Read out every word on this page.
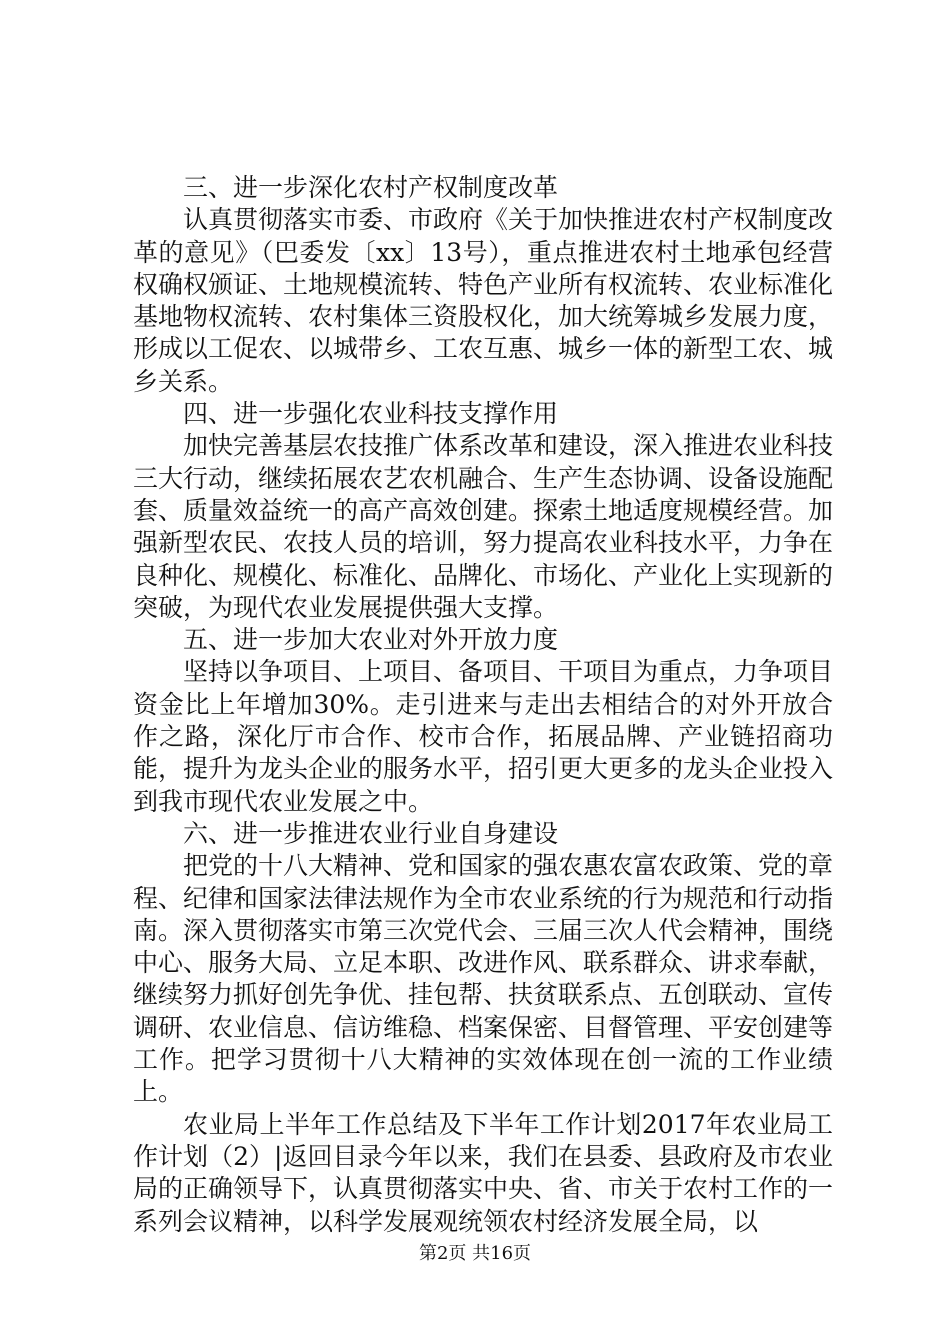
三、进一步深化农村产权制度改革

认真贯彻落实市委、市政府《关于加快推进农村产权制度改革的意见》（巴委发〔xx〕13号），重点推进农村土地承包经营权确权颁证、土地规模流转、特色产业所有权流转、农业标准化基地物权流转、农村集体三资股权化，加大统筹城乡发展力度，形成以工促农、以城带乡、工农互惠、城乡一体的新型工农、城乡关系。

四、进一步强化农业科技支撑作用

加快完善基层农技推广体系改革和建设，深入推进农业科技三大行动，继续拓展农艺农机融合、生产生态协调、设备设施配套、质量效益统一的高产高效创建。探索土地适度规模经营。加强新型农民、农技人员的培训，努力提高农业科技水平，力争在良种化、规模化、标准化、品牌化、市场化、产业化上实现新的突破，为现代农业发展提供强大支撑。

五、进一步加大农业对外开放力度

坚持以争项目、上项目、备项目、干项目为重点，力争项目资金比上年增加30%。走引进来与走出去相结合的对外开放合作之路，深化厅市合作、校市合作，拓展品牌、产业链招商功能，提升为龙头企业的服务水平，招引更大更多的龙头企业投入到我市现代农业发展之中。

六、进一步推进农业行业自身建设

把党的十八大精神、党和国家的强农惠农富农政策、党的章程、纪律和国家法律法规作为全市农业系统的行为规范和行动指南。深入贯彻落实市第三次党代会、三届三次人代会精神，围绕中心、服务大局、立足本职、改进作风、联系群众、讲求奉献，继续努力抓好创先争优、挂包帮、扶贫联系点、五创联动、宣传调研、农业信息、信访维稳、档案保密、目督管理、平安创建等工作。把学习贯彻十八大精神的实效体现在创一流的工作业绩上。

农业局上半年工作总结及下半年工作计划2017年农业局工作计划（2）|返回目录今年以来，我们在县委、县政府及市农业局的正确领导下，认真贯彻落实中央、省、市关于农村工作的一系列会议精神，以科学发展观统领农村经济发展全局，以

第2页 共16页
